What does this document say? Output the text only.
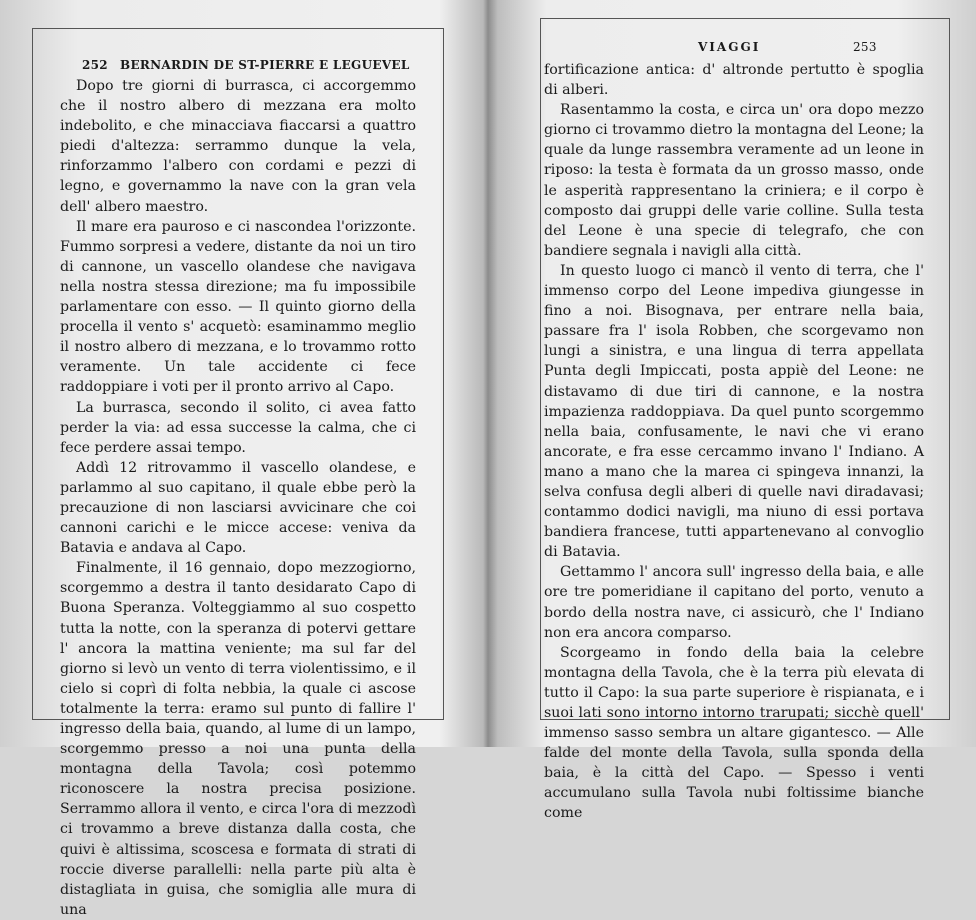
252 BERNARDIN DE ST-PIERRE E LEGUEVEL

Dopo tre giorni di burrasca, ci accorgemmo che il nostro albero di mezzana era molto indebolito, e che minacciava fiaccarsi a quattro piedi d'altezza: serrammo dunque la vela, rinforzammo l'albero con cordami e pezzi di legno, e governammo la nave con la gran vela dell' albero maestro.

Il mare era pauroso e ci nascondea l'orizzonte. Fummo sorpresi a vedere, distante da noi un tiro di cannone, un vascello olandese che navigava nella nostra stessa direzione; ma fu impossibile parlamentare con esso. — Il quinto giorno della procella il vento s' acquetò: esaminammo meglio il nostro albero di mezzana, e lo trovammo rotto veramente. Un tale accidente ci fece raddoppiare i voti per il pronto arrivo al Capo.

La burrasca, secondo il solito, ci avea fatto perder la via: ad essa successe la calma, che ci fece perdere assai tempo.

Addì 12 ritrovammo il vascello olandese, e parlammo al suo capitano, il quale ebbe però la precauzione di non lasciarsi avvicinare che coi cannoni carichi e le micce accese: veniva da Batavia e andava al Capo.

Finalmente, il 16 gennaio, dopo mezzogiorno, scorgemmo a destra il tanto desidarato Capo di Buona Speranza. Volteggiammo al suo cospetto tutta la notte, con la speranza di potervi gettare l' ancora la mattina veniente; ma sul far del giorno si levò un vento di terra violentissimo, e il cielo si coprì di folta nebbia, la quale ci ascose totalmente la terra: eramo sul punto di fallire l' ingresso della baia, quando, al lume di un lampo, scorgemmo presso a noi una punta della montagna della Tavola; così potemmo riconoscere la nostra precisa posizione. Serrammo allora il vento, e circa l'ora di mezzodì ci trovammo a breve distanza dalla costa, che quivi è altissima, scoscesa e formata di strati di roccie diverse parallelli: nella parte più alta è distagliata in guisa, che somiglia alle mura di una

VIAGGI	253

fortificazione antica: d' altronde pertutto è spoglia di alberi.

Rasentammo la costa, e circa un' ora dopo mezzo giorno ci trovammo dietro la montagna del Leone; la quale da lunge rassembra veramente ad un leone in riposo: la testa è formata da un grosso masso, onde le asperità rappresentano la criniera; e il corpo è composto dai gruppi delle varie colline. Sulla testa del Leone è una specie di telegrafo, che con bandiere segnala i navigli alla città.

In questo luogo ci mancò il vento di terra, che l' immenso corpo del Leone impediva giungesse in fino a noi. Bisognava, per entrare nella baia, passare fra l' isola Robben, che scorgevamo non lungi a sinistra, e una lingua di terra appellata Punta degli Impiccati, posta appiè del Leone: ne distavamo di due tiri di cannone, e la nostra impazienza raddoppiava. Da quel punto scorgemmo nella baia, confusamente, le navi che vi erano ancorate, e fra esse cercammo invano l' Indiano. A mano a mano che la marea ci spingeva innanzi, la selva confusa degli alberi di quelle navi diradavasi; contammo dodici navigli, ma niuno di essi portava bandiera francese, tutti appartenevano al convoglio di Batavia.

Gettammo l' ancora sull' ingresso della baia, e alle ore tre pomeridiane il capitano del porto, venuto a bordo della nostra nave, ci assicurò, che l' Indiano non era ancora comparso.

Scorgeamo in fondo della baia la celebre montagna della Tavola, che è la terra più elevata di tutto il Capo: la sua parte superiore è rispianata, e i suoi lati sono intorno intorno trarupati; sicchè quell' immenso sasso sembra un altare gigantesco. — Alle falde del monte della Tavola, sulla sponda della baia, è la città del Capo. — Spesso i venti accumulano sulla Tavola nubi foltissime bianche come
